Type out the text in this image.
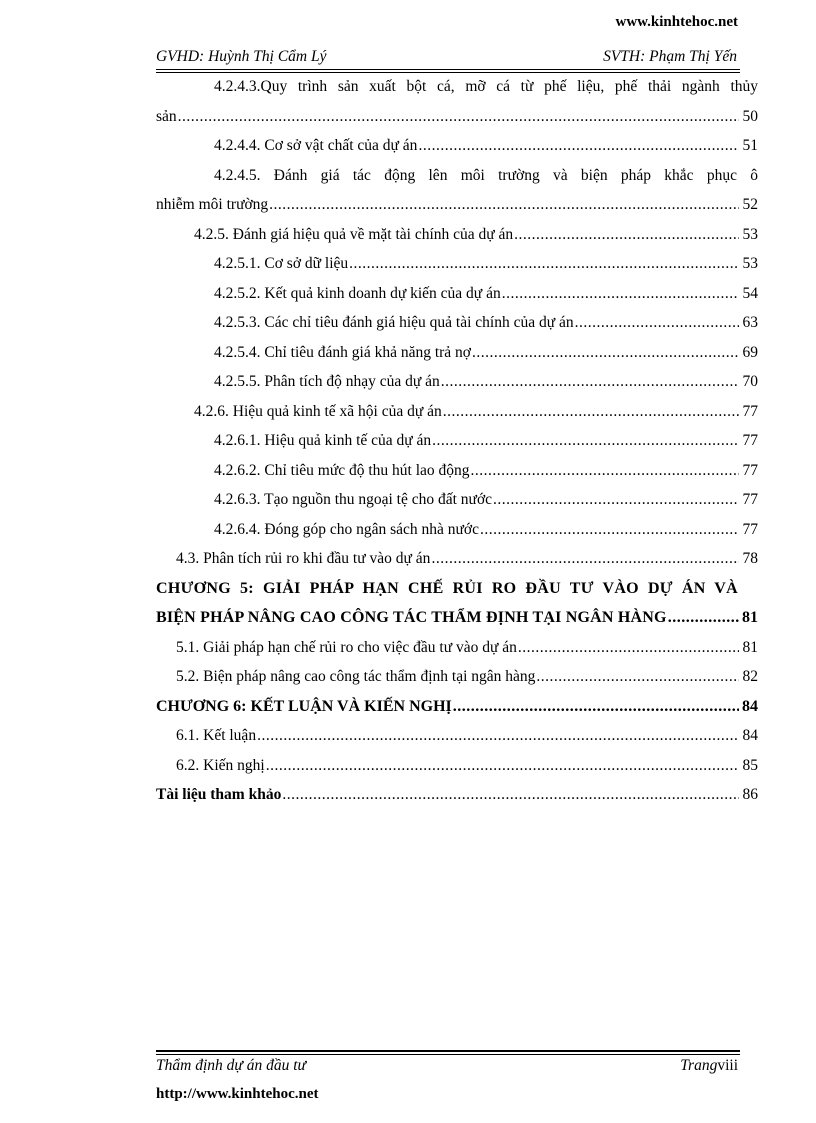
www.kinhtehoc.net
GVHD: Huỳnh Thị Cẩm Lý	SVTH: Phạm Thị Yến
4.2.4.3.Quy trình sản xuất bột cá, mỡ cá từ phế liệu, phế thải ngành thủy
sản .....	50
4.2.4.4. Cơ sở vật chất của dự án .....	51
4.2.4.5. Đánh giá tác động lên môi trường và biện pháp khắc phục ô
nhiễm môi trường .....	52
4.2.5. Đánh giá hiệu quả về mặt tài chính của dự án .....	53
4.2.5.1. Cơ sở dữ liệu .....	53
4.2.5.2. Kết quả kinh doanh dự kiến của dự án .....	54
4.2.5.3. Các chỉ tiêu đánh giá hiệu quả tài chính của dự án .....	63
4.2.5.4. Chỉ tiêu đánh giá khả năng trả nợ .....	69
4.2.5.5. Phân tích độ nhạy của dự án .....	70
4.2.6. Hiệu quả kinh tế xã hội của dự án .....	77
4.2.6.1. Hiệu quả kinh tế của dự án .....	77
4.2.6.2. Chỉ tiêu mức độ thu hút lao động .....	77
4.2.6.3. Tạo nguồn thu ngoại tệ cho đất nước .....	77
4.2.6.4. Đóng góp cho ngân sách nhà nước .....	77
4.3. Phân tích rủi ro khi đầu tư vào dự án .....	78
CHƯƠNG 5: GIẢI PHÁP HẠN CHẾ RỦI RO ĐẦU TƯ VÀO DỰ ÁN VÀ
BIỆN PHÁP NÂNG CAO CÔNG TÁC THẨM ĐỊNH TẠI NGÂN HÀNG .....	81
5.1. Giải pháp hạn chế rủi ro cho việc đầu tư vào dự án .....	81
5.2. Biện pháp nâng cao công tác thẩm định tại ngân hàng .....	82
CHƯƠNG 6: KẾT LUẬN VÀ KIẾN NGHỊ .....	84
6.1. Kết luận .....	84
6.2. Kiến nghị .....	85
Tài liệu tham khảo .....	86
Thẩm định dự án đầu tư	Trangviii
http://www.kinhtehoc.net
